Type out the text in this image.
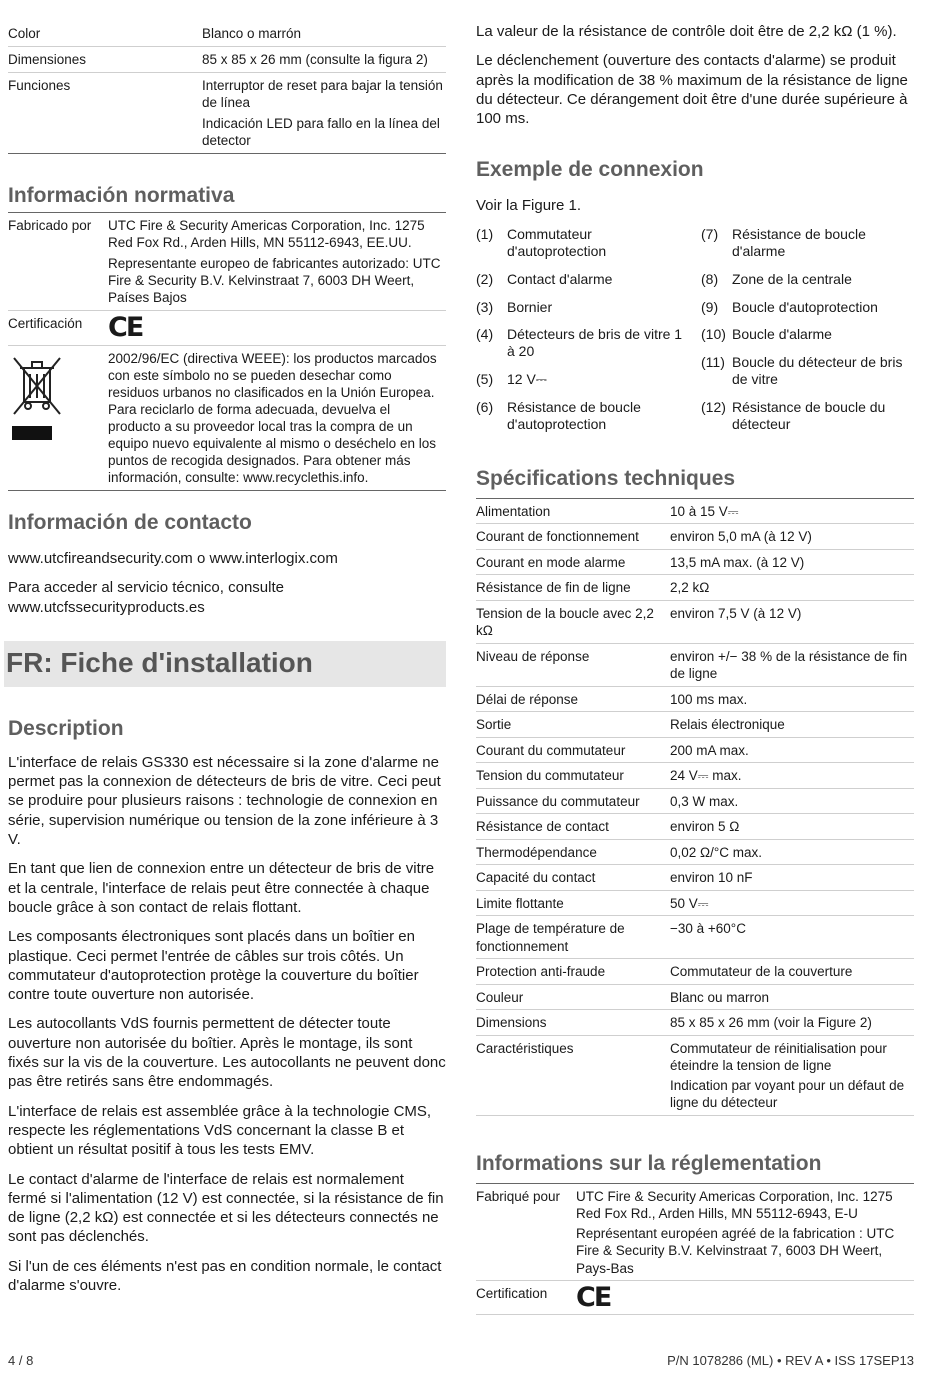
Color	Blanco o marrón
Dimensiones	85 x 85 x 26 mm (consulte la figura 2)
Funciones	Interruptor de reset para bajar la tensión de línea

Indicación LED para fallo en la línea del detector

Información normativa
Fabricado por	UTC Fire & Security Americas Corporation, Inc. 1275 Red Fox Rd., Arden Hills, MN 55112-6943, EE.UU.

Representante europeo de fabricantes autorizado: UTC Fire & Security B.V. Kelvinstraat 7, 6003 DH Weert, Países Bajos

Certificación	CE
	2002/96/EC (directiva WEEE): los productos marcados con este símbolo no se pueden desechar como residuos urbanos no clasificados en la Unión Europea. Para reciclarlo de forma adecuada, devuelva el producto a su proveedor local tras la compra de un equipo nuevo equivalente al mismo o deséchelo en los puntos de recogida designados. Para obtener más información, consulte: www.recyclethis.info.
Información de contacto

www.utcfireandsecurity.com o www.interlogix.com

Para acceder al servicio técnico, consulte www.utcfssecurityproducts.es

FR: Fiche d'installation
Description

L'interface de relais GS330 est nécessaire si la zone d'alarme ne permet pas la connexion de détecteurs de bris de vitre. Ceci peut se produire pour plusieurs raisons : technologie de connexion en série, supervision numérique ou tension de la zone inférieure à 3 V.

En tant que lien de connexion entre un détecteur de bris de vitre et la centrale, l'interface de relais peut être connectée à chaque boucle grâce à son contact de relais flottant.

Les composants électroniques sont placés dans un boîtier en plastique. Ceci permet l'entrée de câbles sur trois côtés. Un commutateur d'autoprotection protège la couverture du boîtier contre toute ouverture non autorisée.

Les autocollants VdS fournis permettent de détecter toute ouverture non autorisée du boîtier. Après le montage, ils sont fixés sur la vis de la couverture. Les autocollants ne peuvent donc pas être retirés sans être endommagés.

L'interface de relais est assemblée grâce à la technologie CMS, respecte les réglementations VdS concernant la classe B et obtient un résultat positif à tous les tests EMV.

Le contact d'alarme de l'interface de relais est normalement fermé si l'alimentation (12 V) est connectée, si la résistance de fin de ligne (2,2 kΩ) est connectée et si les détecteurs connectés ne sont pas déclenchés.

Si l'un de ces éléments n'est pas en condition normale, le contact d'alarme s'ouvre.

La valeur de la résistance de contrôle doit être de 2,2 kΩ (1 %).

Le déclenchement (ouverture des contacts d'alarme) se produit après la modification de 38 % maximum de la résistance de ligne du détecteur. Ce dérangement doit être d'une durée supérieure à 100 ms.

Exemple de connexion

Voir la Figure 1.

(1) Commutateur d'autoprotection
(2) Contact d'alarme
(3) Bornier
(4) Détecteurs de bris de vitre 1 à 20
(5) 12 V⎓
(6) Résistance de boucle d'autoprotection
(7) Résistance de boucle d'alarme
(8) Zone de la centrale
(9) Boucle d'autoprotection
(10) Boucle d'alarme
(11) Boucle du détecteur de bris de vitre
(12) Résistance de boucle du détecteur
Spécifications techniques
Alimentation	10 à 15 V⎓

Courant de fonctionnement	environ 5,0 mA (à 12 V)

Courant en mode alarme	13,5 mA max. (à 12 V)

Résistance de fin de ligne	2,2 kΩ

Tension de la boucle avec 2,2 kΩ	environ 7,5 V (à 12 V)

Niveau de réponse	environ +/− 38 % de la résistance de fin de ligne

Délai de réponse	100 ms max.

Sortie	Relais électronique

Courant du commutateur	200 mA max.

Tension du commutateur	24 V⎓ max.

Puissance du commutateur	0,3 W max.

Résistance de contact	environ 5 Ω

Thermodépendance	0,02 Ω/°C max.

Capacité du contact	environ 10 nF

Limite flottante	50 V⎓

Plage de température de fonctionnement	−30 à +60°C

Protection anti-fraude	Commutateur de la couverture

Couleur	Blanc ou marron

Dimensions	85 x 85 x 26 mm (voir la Figure 2)

Caractéristiques	Commutateur de réinitialisation pour éteindre la tension de ligne

Indication par voyant pour un défaut de ligne du détecteur

Informations sur la réglementation
Fabriqué pour	UTC Fire & Security Americas Corporation, Inc. 1275 Red Fox Rd., Arden Hills, MN 55112-6943, E-U

Représentant européen agréé de la fabrication : UTC Fire & Security B.V. Kelvinstraat 7, 6003 DH Weert, Pays-Bas

Certification	CE
4 / 8	P/N 1078286 (ML) • REV A • ISS 17SEP13
